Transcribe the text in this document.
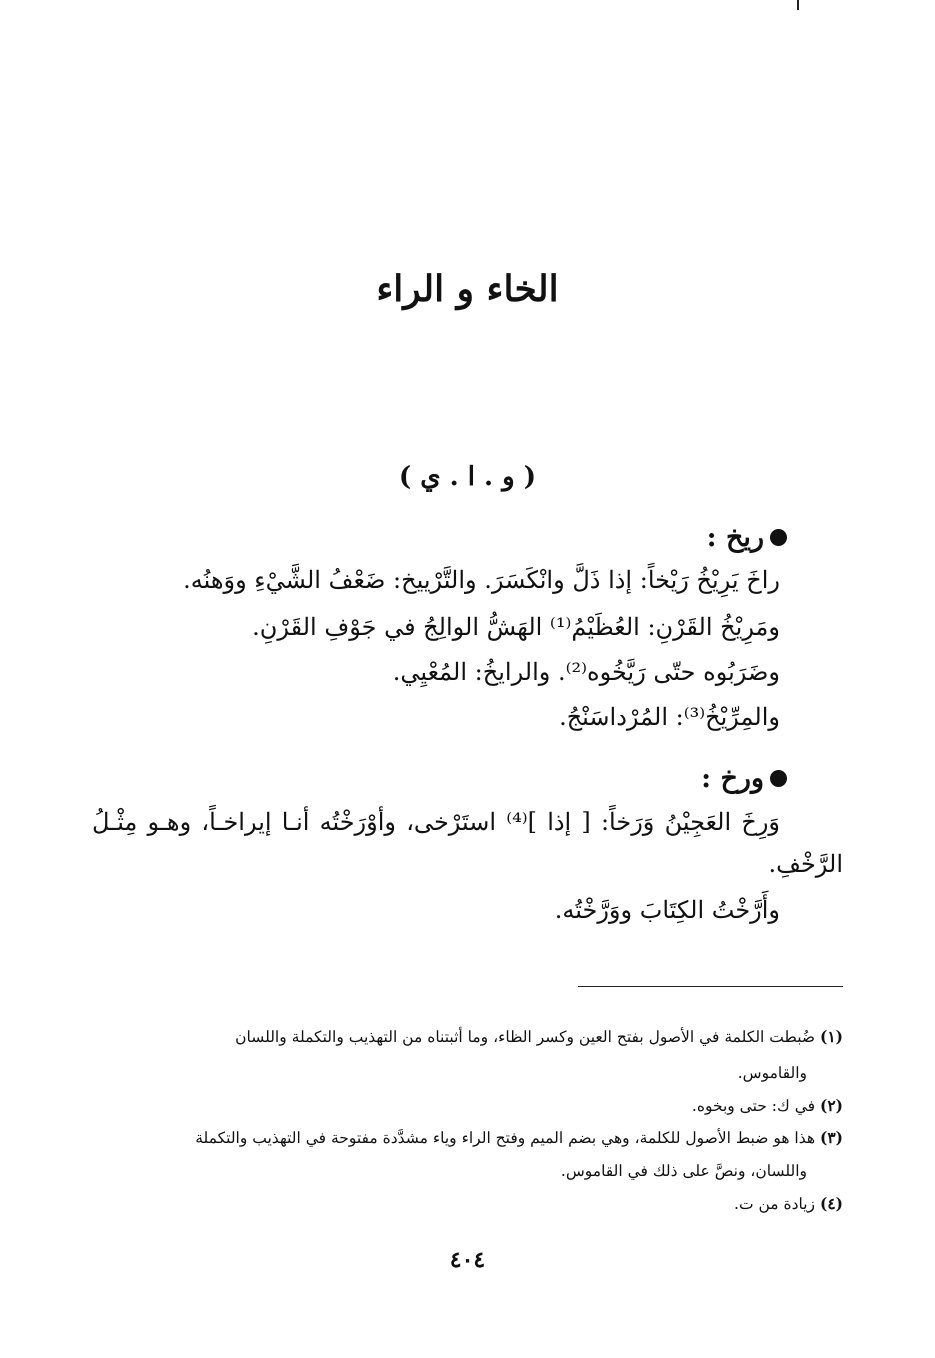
الخاء و الراء
( و . ا . ي )
ريخ :
راخَ يَرِيْخُ رَيْخاً: إذا ذَلَّ وانْكَسَرَ. والتَّرْييخ: ضَعْفُ الشَّيْءِ ووَهنُه.
ومَرِيْخُ القَرْنِ: العُظَيْمُ⁽¹⁾ الهَشُّ الوالِجُ في جَوْفِ القَرْنِ.
وضَرَبُوه حتّى رَيَّخُوه⁽²⁾. والرايخُ: المُعْيِي.
والمِرِّيْخُ⁽³⁾: المُرْداسَنْجُ.
ورخ :
وَرِخَ العَجِيْنُ وَرَخاً: [ إذا ]⁽⁴⁾ استَرْخى، وأوْرَخْتُه أنـا إيراخـاً، وهـو مِثْـلُ
الرَّخْفِ.
وأَرَّخْتُ الكِتَابَ ووَرَّخْتُه.
(١) ضُبطت الكلمة في الأصول بفتح العين وكسر الظاء، وما أثبتناه من التهذيب والتكملة واللسان
والقاموس.
(٢) في ك: حتى وبخوه.
(٣) هذا هو ضبط الأصول للكلمة، وهي بضم الميم وفتح الراء وياء مشدَّدة مفتوحة في التهذيب والتكملة
واللسان، ونصَّ على ذلك في القاموس.
(٤) زيادة من ت.
٤٠٤
